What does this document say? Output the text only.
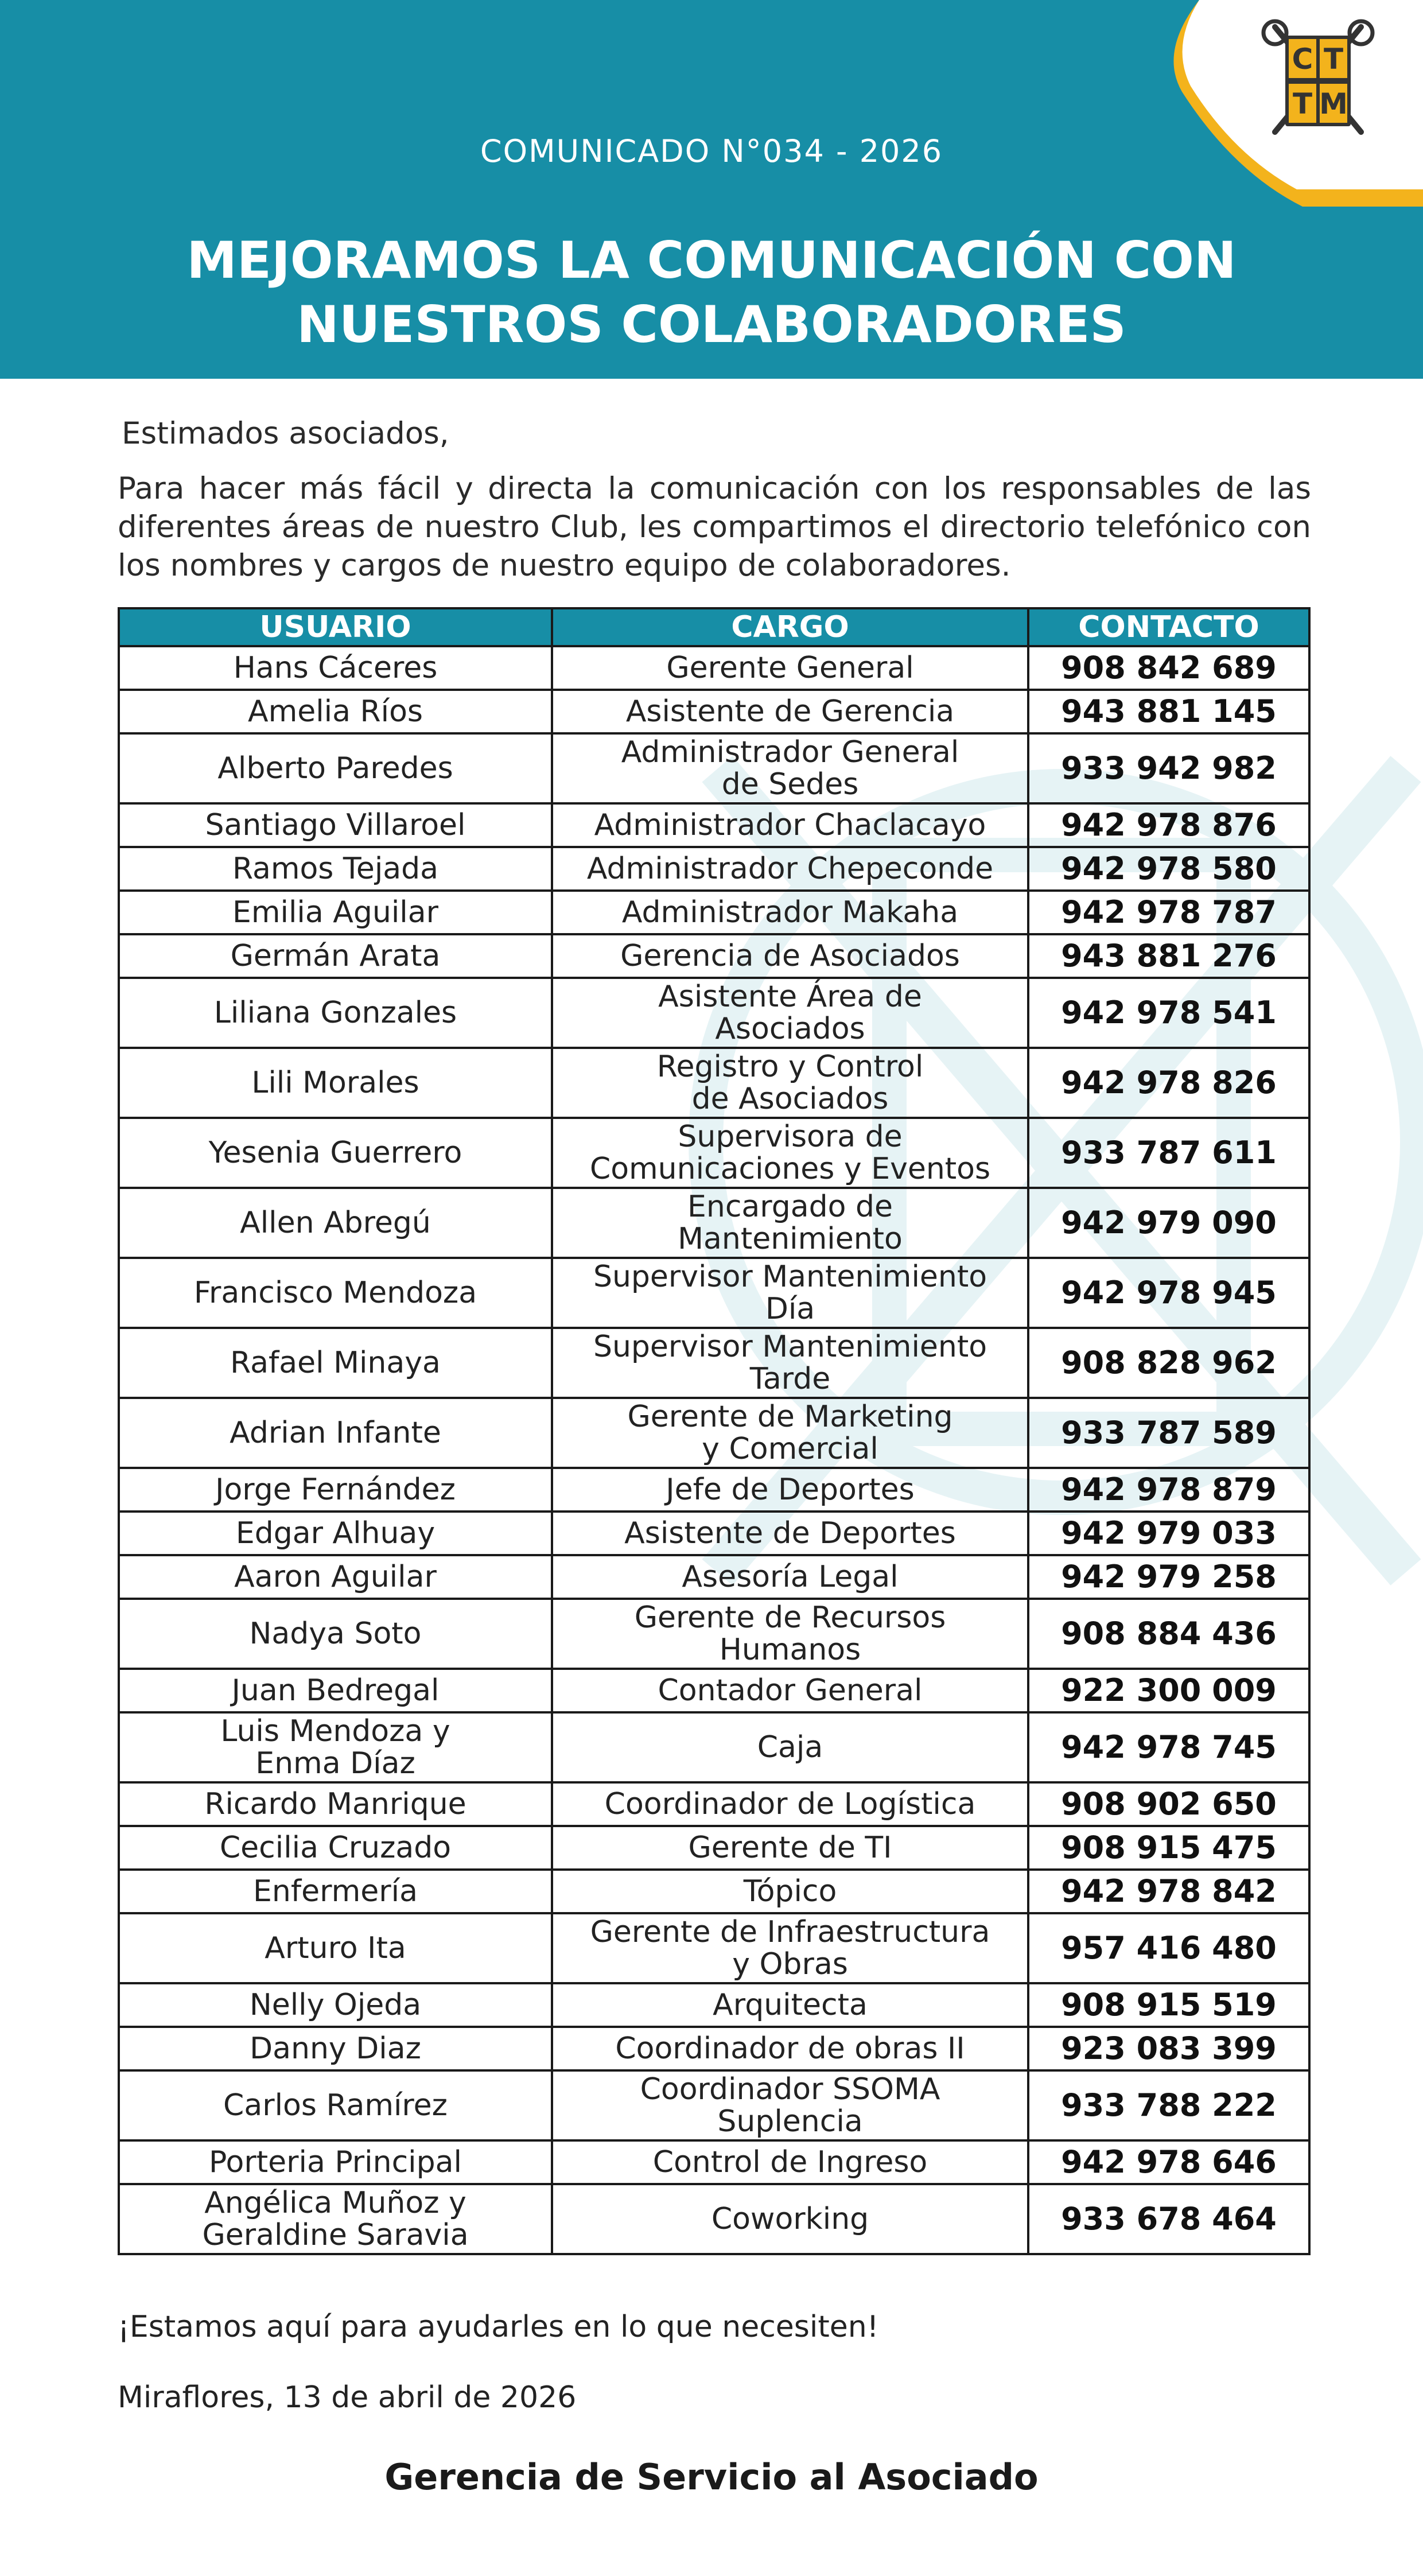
C T
T M
COMUNICADO N°034 - 2026
MEJORAMOS LA COMUNICACIÓN CON
NUESTROS COLABORADORES
Estimados asociados,
Para hacer más fácil y directa la comunicación con los responsables de las diferentes áreas de nuestro Club, les compartimos el directorio telefónico con los nombres y cargos de nuestro equipo de colaboradores.
USUARIO	CARGO	CONTACTO

Hans Cáceres	Gerente General	908 842 689

Amelia Ríos	Asistente de Gerencia	943 881 145

Alberto Paredes	Administrador General
de Sedes	933 942 982

Santiago Villaroel	Administrador Chaclacayo	942 978 876

Ramos Tejada	Administrador Chepeconde	942 978 580

Emilia Aguilar	Administrador Makaha	942 978 787

Germán Arata	Gerencia de Asociados	943 881 276

Liliana Gonzales	Asistente Área de
Asociados	942 978 541

Lili Morales	Registro y Control
de Asociados	942 978 826

Yesenia Guerrero	Supervisora de
Comunicaciones y Eventos	933 787 611

Allen Abregú	Encargado de
Mantenimiento	942 979 090

Francisco Mendoza	Supervisor Mantenimiento
Día	942 978 945

Rafael Minaya	Supervisor Mantenimiento
Tarde	908 828 962

Adrian Infante	Gerente de Marketing
y Comercial	933 787 589

Jorge Fernández	Jefe de Deportes	942 978 879

Edgar Alhuay	Asistente de Deportes	942 979 033

Aaron Aguilar	Asesoría Legal	942 979 258

Nadya Soto	Gerente de Recursos
Humanos	908 884 436

Juan Bedregal	Contador General	922 300 009

Luis Mendoza y
Enma Díaz	Caja	942 978 745

Ricardo Manrique	Coordinador de Logística	908 902 650

Cecilia Cruzado	Gerente de TI	908 915 475

Enfermería	Tópico	942 978 842

Arturo Ita	Gerente de Infraestructura
y Obras	957 416 480

Nelly Ojeda	Arquitecta	908 915 519

Danny Diaz	Coordinador de obras II	923 083 399

Carlos Ramírez	Coordinador SSOMA
Suplencia	933 788 222

Porteria Principal	Control de Ingreso	942 978 646

Angélica Muñoz y
Geraldine Saravia	Coworking	933 678 464
¡Estamos aquí para ayudarles en lo que necesiten!
Miraflores, 13 de abril de 2026
Gerencia de Servicio al Asociado
